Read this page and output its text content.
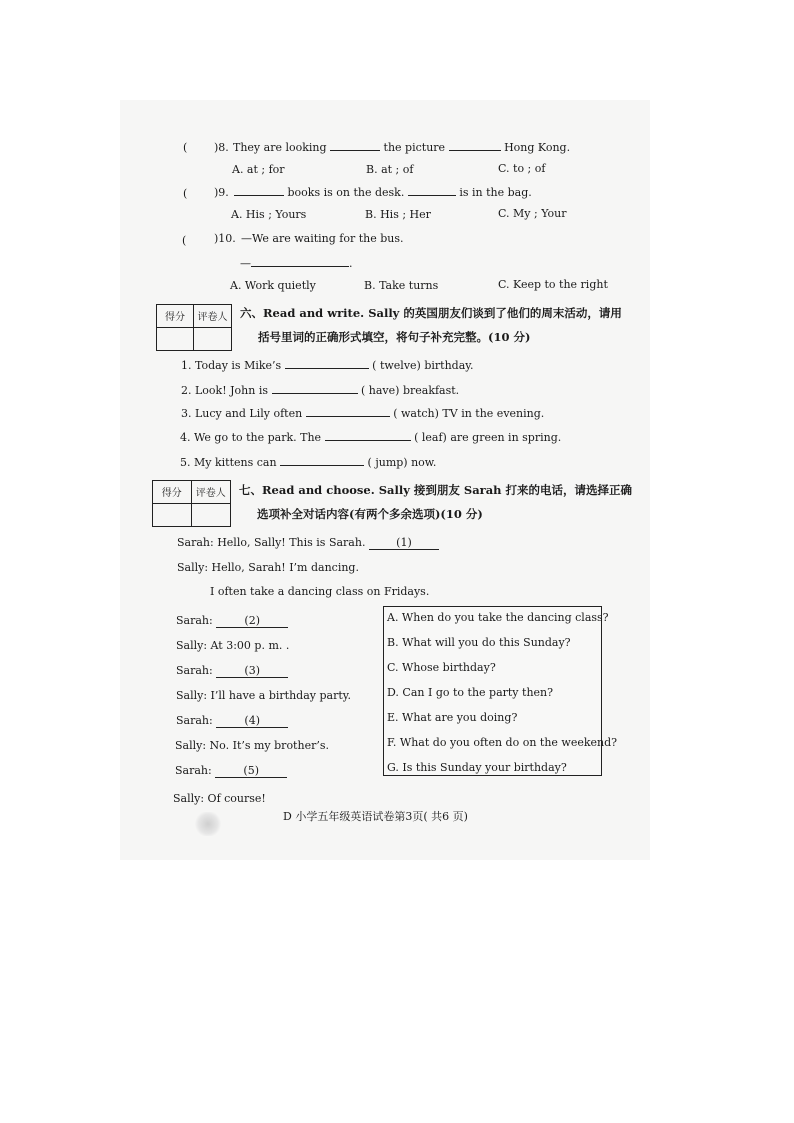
( )8. They are looking	the picture	Hong Kong.
A. at ; for	B. at ; of	C. to ; of
( )9.	books is on the desk.	is in the bag.
A. His ; Yours	B. His ; Her	C. My ; Your
(	)10. —We are waiting for the bus.
—	.
A. Work quietly	B. Take turns	C. Keep to the right
得分	评卷人	六、Read and write. Sally 的英国朋友们谈到了他们的周末活动，请用
括号里词的正确形式填空，将句子补充完整。(10 分)
1. Today is Mike’s	( twelve) birthday.
2. Look! John is	( have) breakfast.
3. Lucy and Lily often	( watch) TV in the evening.
4. We go to the park. The	( leaf) are green in spring.
5. My kittens can	( jump) now.
得分	评卷人	七、Read and choose. Sally 接到朋友 Sarah 打来的电话，请选择正确
选项补全对话内容(有两个多余选项)(10 分)
Sarah: Hello, Sally! This is Sarah.	(1)
Sally: Hello, Sarah! I’m dancing.
I often take a dancing class on Fridays.
Sarah:	(2)
Sally: At 3:00 p. m. .
Sarah:	(3)
Sally: I’ll have a birthday party.
Sarah:	(4)
Sally: No. It’s my brother’s.
Sarah:	(5)
Sally: Of course!
A. When do you take the dancing class?
B. What will you do this Sunday?
C. Whose birthday?
D. Can I go to the party then?
E. What are you doing?
F. What do you often do on the weekend?
G. Is this Sunday your birthday?
D 小学五年级英语试卷第3页( 共6 页)
